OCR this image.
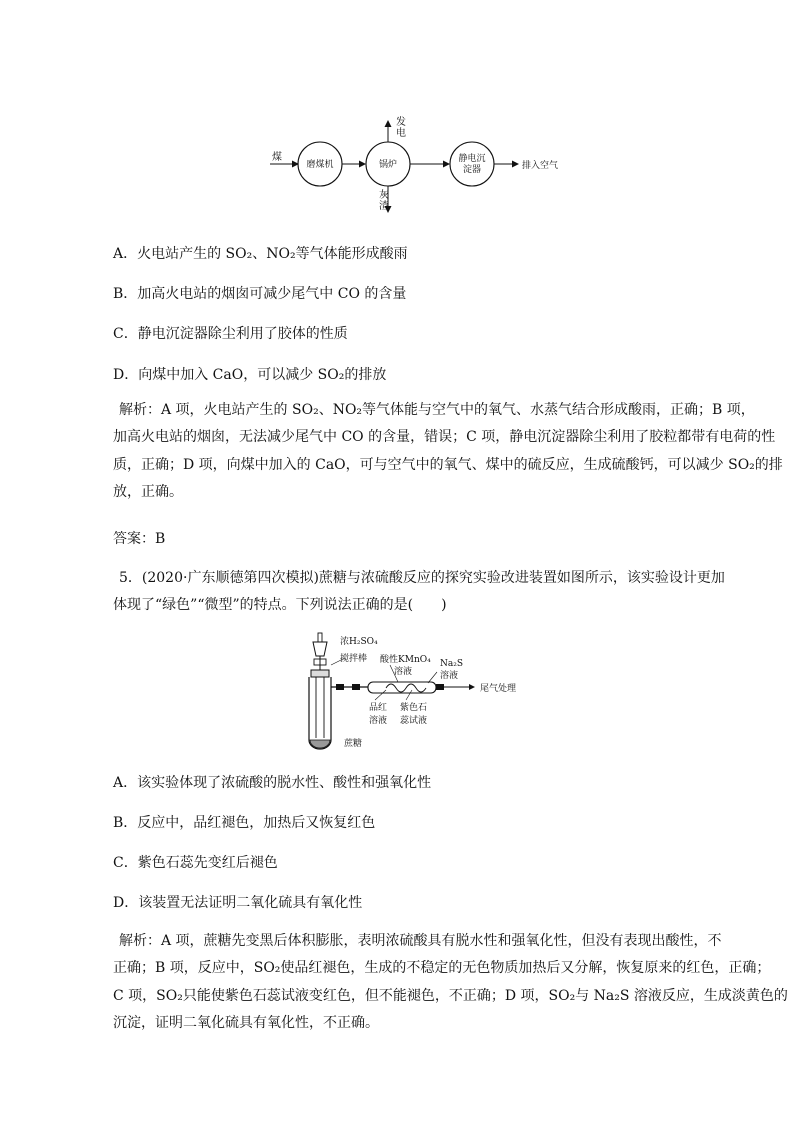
煤
磨煤机	锅炉
静电沉
淀器	排入空气
发
电
灰
渣
A．火电站产生的 SO₂、NO₂等气体能形成酸雨
B．加高火电站的烟囱可减少尾气中 CO 的含量
C．静电沉淀器除尘利用了胶体的性质
D．向煤中加入 CaO，可以减少 SO₂的排放

解析：A 项，火电站产生的 SO₂、NO₂等气体能与空气中的氧气、水蒸气结合形成酸雨，正确；B 项，

加高火电站的烟囱，无法减少尾气中 CO 的含量，错误；C 项，静电沉淀器除尘利用了胶粒都带有电荷的性

质，正确；D 项，向煤中加入的 CaO，可与空气中的氧气、煤中的硫反应，生成硫酸钙，可以减少 SO₂的排

放，正确。

答案：B

5．(2020·广东顺德第四次模拟)蔗糖与浓硫酸反应的探究实验改进装置如图所示，该实验设计更加

体现了“绿色”“微型”的特点。下列说法正确的是(　　)

浓H₂SO₄
搅拌棒 酸性KMnO₄
溶液
Na₂S
溶液
尾气处理
品红
溶液
紫色石
蕊试液
蔗糖
A．该实验体现了浓硫酸的脱水性、酸性和强氧化性
B．反应中，品红褪色，加热后又恢复红色
C．紫色石蕊先变红后褪色
D．该装置无法证明二氧化硫具有氧化性

解析：A 项，蔗糖先变黑后体积膨胀，表明浓硫酸具有脱水性和强氧化性，但没有表现出酸性，不

正确；B 项，反应中，SO₂使品红褪色，生成的不稳定的无色物质加热后又分解，恢复原来的红色，正确；

C 项，SO₂只能使紫色石蕊试液变红色，但不能褪色，不正确；D 项，SO₂与 Na₂S 溶液反应，生成淡黄色的

沉淀，证明二氧化硫具有氧化性，不正确。
